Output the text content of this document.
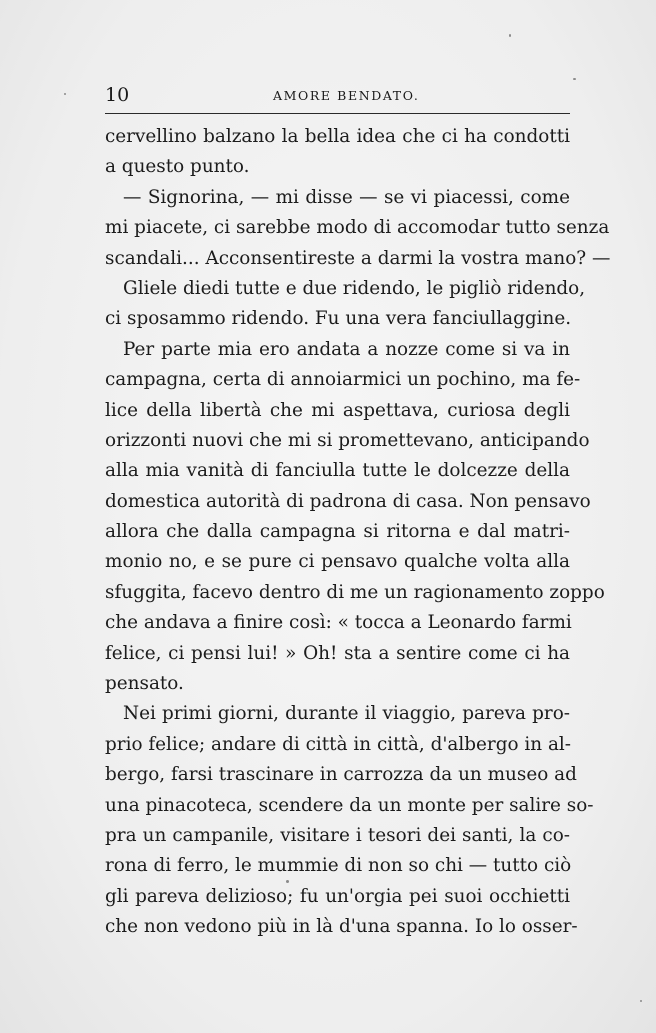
10	AMORE BENDATO.
cervellino balzano la bella idea che ci ha condotti
a questo punto.
— Signorina, — mi disse — se vi piacessi, come
mi piacete, ci sarebbe modo di accomodar tutto senza
scandali... Acconsentireste a darmi la vostra mano? —
Gliele diedi tutte e due ridendo, le pigliò ridendo,
ci sposammo ridendo. Fu una vera fanciullaggine.
Per parte mia ero andata a nozze come si va in
campagna, certa di annoiarmici un pochino, ma fe-
lice della libertà che mi aspettava, curiosa degli
orizzonti nuovi che mi si promettevano, anticipando
alla mia vanità di fanciulla tutte le dolcezze della
domestica autorità di padrona di casa. Non pensavo
allora che dalla campagna si ritorna e dal matri-
monio no, e se pure ci pensavo qualche volta alla
sfuggita, facevo dentro di me un ragionamento zoppo
che andava a finire così: « tocca a Leonardo farmi
felice, ci pensi lui! » Oh! sta a sentire come ci ha
pensato.
Nei primi giorni, durante il viaggio, pareva pro-
prio felice; andare di città in città, d'albergo in al-
bergo, farsi trascinare in carrozza da un museo ad
una pinacoteca, scendere da un monte per salire so-
pra un campanile, visitare i tesori dei santi, la co-
rona di ferro, le mummie di non so chi — tutto ciò
gli pareva delizioso; fu un'orgia pei suoi occhietti
che non vedono più in là d'una spanna. Io lo osser-
